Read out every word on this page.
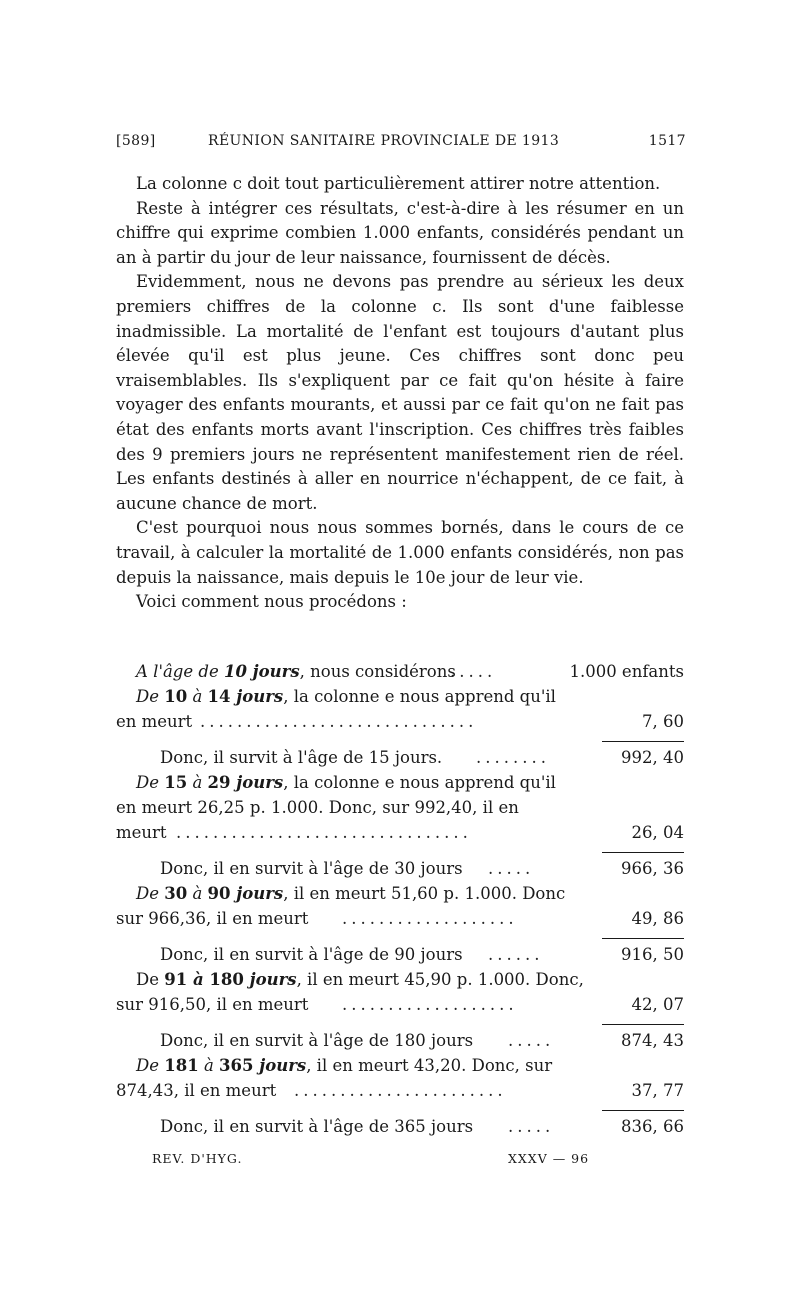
[589]	RÉUNION SANITAIRE PROVINCIALE DE 1913	1517

La colonne c doit tout particulièrement attirer notre attention.

Reste à intégrer ces résultats, c'est-à-dire à les résumer en un chiffre qui exprime combien 1.000 enfants, considérés pendant un an à partir du jour de leur naissance, fournissent de décès.

Evidemment, nous ne devons pas prendre au sérieux les deux premiers chiffres de la colonne c. Ils sont d'une faiblesse inadmissible. La mortalité de l'enfant est toujours d'autant plus élevée qu'il est plus jeune. Ces chiffres sont donc peu vraisemblables. Ils s'expliquent par ce fait qu'on hésite à faire voyager des enfants mourants, et aussi par ce fait qu'on ne fait pas état des enfants morts avant l'inscription. Ces chiffres très faibles des 9 premiers jours ne représentent manifestement rien de réel. Les enfants destinés à aller en nourrice n'échappent, de ce fait, à aucune chance de mort.

C'est pourquoi nous nous sommes bornés, dans le cours de ce travail, à calculer la mortalité de 1.000 enfants considérés, non pas depuis la naissance, mais depuis le 10e jour de leur vie.

Voici comment nous procédons :

A l'âge de 10 jours, nous considérons
.....	1.000 enfants
De 10 à 14 jours, la colonne e nous apprend qu'il
en meurt ..............................	7, 60
Donc, il survit à l'âge de 15 jours. ........	992, 40
De 15 à 29 jours, la colonne e nous apprend qu'il
en meurt 26,25 p. 1.000. Donc, sur 992,40, il en
meurt ................................	26, 04
Donc, il en survit à l'âge de 30 jours .....	966, 36
De 30 à 90 jours, il en meurt 51,60 p. 1.000. Donc
sur 966,36, il en meurt ...................	49, 86
Donc, il en survit à l'âge de 90 jours ......	916, 50
De 91 à 180 jours, il en meurt 45,90 p. 1.000. Donc,
sur 916,50, il en meurt ...................	42, 07
Donc, il en survit à l'âge de 180 jours .....	874, 43
De 181 à 365 jours, il en meurt 43,20. Donc, sur
874,43, il en meurt .......................	37, 77
Donc, il en survit à l'âge de 365 jours .....	836, 66
REV. D'HYG.	XXXV — 96
